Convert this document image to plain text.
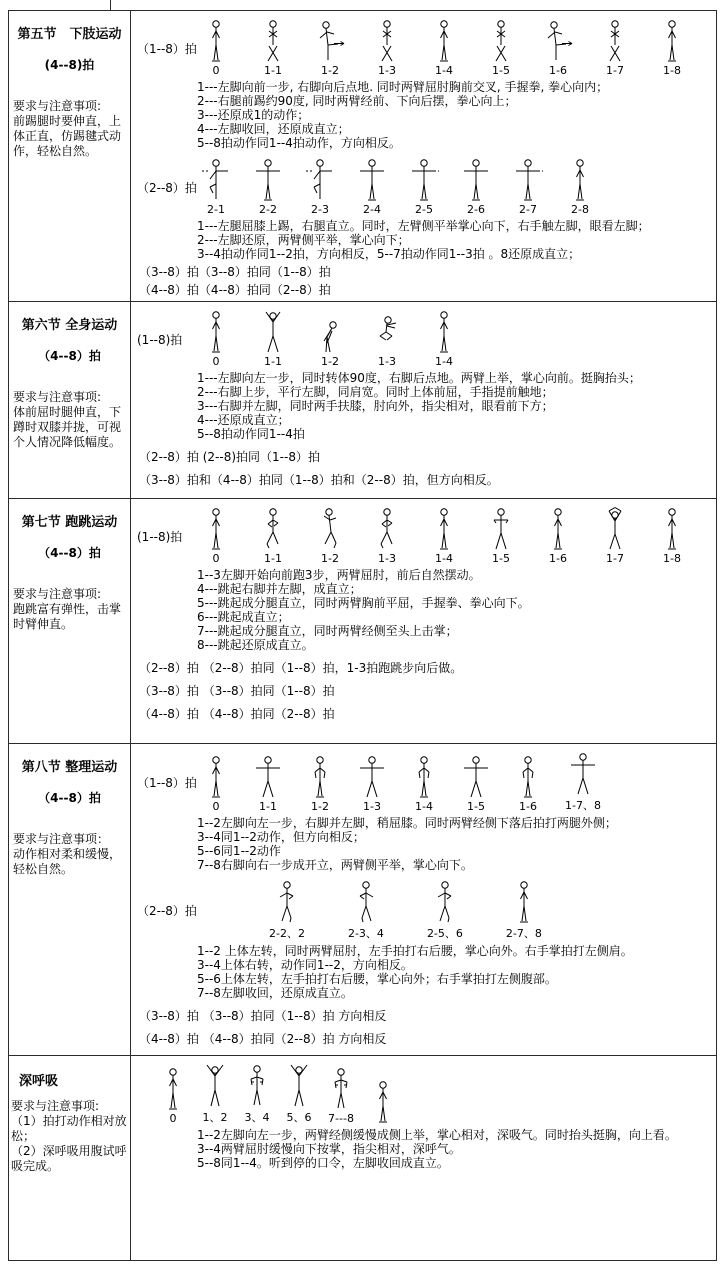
第五节　下肢运动
(4--8)拍
要求与注意事项:
前踢腿时要伸直，上体正直，仿踢毽式动作，轻松自然。
（1--8）拍
0	1-1	1-2	1-3	1-4	1-5	1-6	1-7	1-8
1---左脚向前一步, 右脚向后点地. 同时两臂屈肘胸前交叉, 手握拳, 拳心向内；
2---右腿前踢约90度, 同时两臂经前、下向后摆，拳心向上；
3---还原成1的动作；
4---左脚收回，还原成直立；
5--8拍动作同1--4拍动作，方向相反。
（2--8）拍
2-1	2-2	2-3	2-4	2-5	2-6	2-7	2-8
1---左腿屈膝上踢，右腿直立。同时，左臂侧平举掌心向下，右手触左脚，眼看左脚；
2---左脚还原，两臂侧平举，掌心向下；
3--4拍动作同1--2拍，方向相反，5--7拍动作同1--3拍 。8还原成直立；
（3--8）拍（3--8）拍同（1--8）拍
（4--8）拍（4--8）拍同（2--8）拍
第六节 全身运动
（4--8）拍
要求与注意事项:
体前屈时腿伸直，下蹲时双膝并拢，可视个人情况降低幅度。
(1--8)拍
0	1-1	1-2	1-3	1-4
1---左脚向左一步，同时转体90度，右脚后点地。两臂上举，掌心向前。挺胸抬头；
2---右脚上步，平行左脚，同肩宽。同时上体前屈，手指提前触地；
3---右脚并左脚，同时两手扶膝，肘向外，指尖相对，眼看前下方；
4---还原成直立；
5--8拍动作同1--4拍
（2--8）拍 (2--8)拍同（1--8）拍
（3--8）拍和（4--8）拍同（1--8）拍和（2--8）拍，但方向相反。
第七节 跑跳运动
（4--8）拍
要求与注意事项:
跑跳富有弹性，击掌时臂伸直。
(1--8)拍
0	1-1	1-2	1-3	1-4	1-5	1-6	1-7	1-8
1--3左脚开始向前跑3步，两臂屈肘，前后自然摆动。
4---跳起右脚并左脚，成直立；
5---跳起成分腿直立，同时两臂胸前平屈，手握拳、拳心向下。
6---跳起成直立；
7---跳起成分腿直立，同时两臂经侧至头上击掌；
8---跳起还原成直立。
（2--8）拍 （2--8）拍同（1--8）拍，1-3拍跑跳步向后做。
（3--8）拍 （3--8）拍同（1--8）拍
（4--8）拍 （4--8）拍同（2--8）拍
第八节 整理运动
（4--8）拍
要求与注意事项：
动作相对柔和缓慢，轻松自然。
（1--8）拍
0	1-1	1-2	1-3	1-4	1-5	1-6	1-7、8
1--2左脚向左一步，右脚并左脚，稍屈膝。同时两臂经侧下落后拍打两腿外侧；
3--4同1--2动作，但方向相反；
5--6同1--2动作
7--8右脚向右一步成开立，两臂侧平举，掌心向下。
（2--8）拍
2-2、2	2-3、4	2-5、6	2-7、8
1--2 上体左转，同时两臂屈肘，左手拍打右后腰，掌心向外。右手掌拍打左侧肩。
3--4上体右转，动作同1--2，方向相反。
5--6上体左转，左手拍打右后腰，掌心向外；右手掌拍打左侧腹部。
7--8左脚收回，还原成直立。
（3--8）拍 （3--8）拍同（1--8）拍 方向相反
（4--8）拍 （4--8）拍同（2--8）拍 方向相反
深呼吸
要求与注意事项:
（1）拍打动作相对放松；
（2）深呼吸用腹试呼吸完成。
0 1、2 3、4 5、6 7---8
1--2左脚向左一步，两臂经侧缓慢成侧上举，掌心相对，深吸气。同时抬头挺胸，向上看。
3--4两臂屈肘缓慢向下按掌，指尖相对，深呼气。
5--8同1--4。听到停的口令，左脚收回成直立。
